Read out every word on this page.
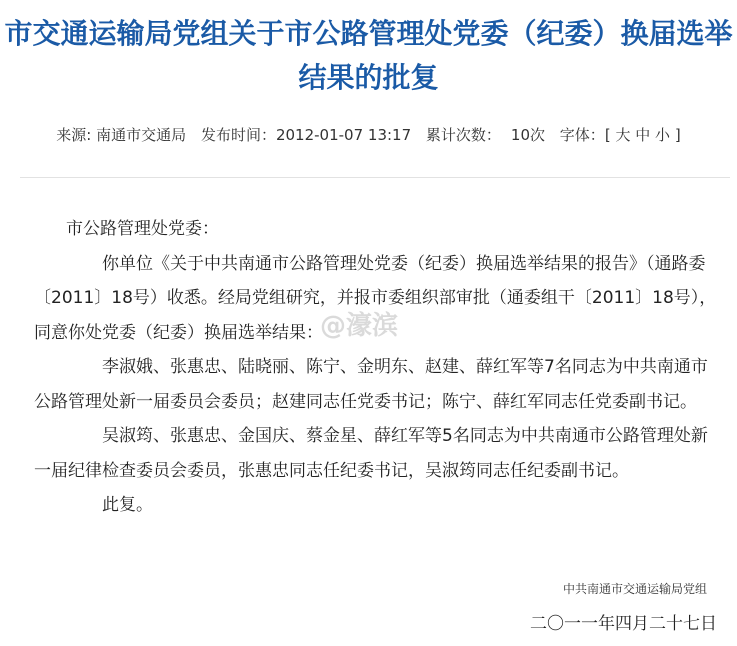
市交通运输局党组关于市公路管理处党委（纪委）换届选举结果的批复
来源: 南通市交通局 发布时间：2012-01-07 13:17 累计次数： 10次 字体：[ 大 中 小 ]

市公路管理处党委：

你单位《关于中共南通市公路管理处党委（纪委）换届选举结果的报告》（通路委〔2011〕18号）收悉。经局党组研究，并报市委组织部审批（通委组干〔2011〕18号），同意你处党委（纪委）换届选举结果：

李淑娥、张惠忠、陆晓丽、陈宁、金明东、赵建、薛红军等7名同志为中共南通市公路管理处新一届委员会委员；赵建同志任党委书记；陈宁、薛红军同志任党委副书记。

吴淑筠、张惠忠、金国庆、蔡金星、薛红军等5名同志为中共南通市公路管理处新一届纪律检查委员会委员，张惠忠同志任纪委书记，吴淑筠同志任纪委副书记。

此复。

@濠滨
中共南通市交通运输局党组
二〇一一年四月二十七日
